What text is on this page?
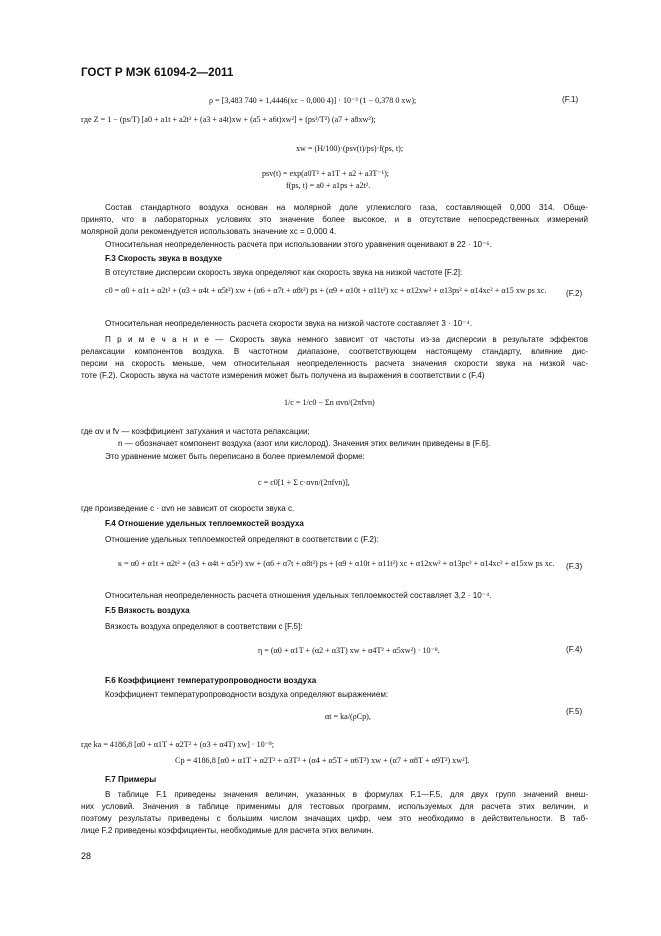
ГОСТ Р МЭК 61094-2—2011
ρ = [3,483 740 + 1,4446(xc − 0,000 4)] · 10⁻³ (1 − 0,378 0 xw);	(F.1)
где Z = 1 − (ps/T) [a0 + a1t + a2t² + (a3 + a4t)xw + (a5 + a6t)xw²] + (ps²/T²) (a7 + a8xw²);
xw = (H/100)·(psv(t)/ps)·f(ps, t);
psv(t) = exp(a0T² + a1T + a2 + a3T⁻¹);
f(ps, t) = a0 + a1ps + a2t².
Состав стандартного воздуха основан на молярной доле углекислого газа, составляющей 0,000 314. Обще-
принято, что в лабораторных условиях это значение более высокое, и в отсутствие непосредственных измерений
молярной доли рекомендуется использовать значение xc = 0,000 4.
Относительная неопределенность расчета при использовании этого уравнения оценивают в 22 · 10⁻⁶.
F.3 Скорость звука в воздухе
В отсутствие дисперсии скорость звука определяют как скорость звука на низкой частоте [F.2]:
c0 = α0 + α1t + α2t² + (α3 + α4t + α5t²) xw + (α6 + α7t + α8t²) ps + (α9 + α10t + α11t²) xc + α12xw² + α13ps² + α14xc² + α15 xw ps xc.	(F.2)
Относительная неопределенность расчета скорости звука на низкой частоте составляет 3 · 10⁻⁴.
П р и м е ч а н и е — Скорость звука немного зависит от частоты из-за дисперсии в результате эффектов
релаксации компонентов воздуха. В частотном диапазоне, соответствующем настоящему стандарту, влияние дис-
персии на скорость меньше, чем относительная неопределенность расчета значения скорости звука на низкой час-
тоте (F.2). Скорость звука на частоте измерения может быть получена из выражения в соответствии с (F.4)
1/c = 1/c0 − Σn αvn/(2πfvn)
где αv и fv — коэффициент затухания и частота релаксации;
n — обозначает компонент воздуха (азот или кислород). Значения этих величин приведены в [F.6].
Это уравнение может быть переписано в более приемлемой форме:
c = c0[1 + Σ c·αvn/(2πfvn)],
где произведение c · αvn не зависит от скорости звука c.
F.4 Отношение удельных теплоемкостей воздуха
Отношение удельных теплоемкостей определяют в соответствии с (F.2):
κ = α0 + α1t + α2t² + (α3 + α4t + α5t²) xw + (α6 + α7t + α8t²) ps + (α9 + α10t + α11t²) xc + α12xw² + α13pc² + α14xc² + α15xw ps xc.	(F.3)
Относительная неопределенность расчета отношения удельных теплоемкостей составляет 3,2 · 10⁻⁴.
F.5 Вязкость воздуха
Вязкость воздуха определяют в соответствии с [F.5]:
η = (α0 + α1T + (α2 + α3T) xw + α4T² + α5xw²) · 10⁻⁸.	(F.4)
F.6 Коэффициент температуропроводности воздуха
Коэффициент температуропроводности воздуха определяют выражением:
αt = ka/(ρCp),
(F.5)
где ka = 4186,8 [α0 + α1T + α2T² + (α3 + α4T) xw] · 10⁻⁸;
Cp = 4186,8 [α0 + α1T + α2T² + α3T³ + (α4 + α5T + α6T²) xw + (α7 + α8T + α9T²) xw²].
F.7 Примеры
В таблице F.1 приведены значения величин, указанных в формулах F.1—F.5, для двух групп значений внеш-
них условий. Значения в таблице применимы для тестовых программ, используемых для расчета этих величин, и
поэтому результаты приведены с большим числом значащих цифр, чем это необходимо в действительности. В таб-
лице F.2 приведены коэффициенты, необходимые для расчета этих величин.
28
